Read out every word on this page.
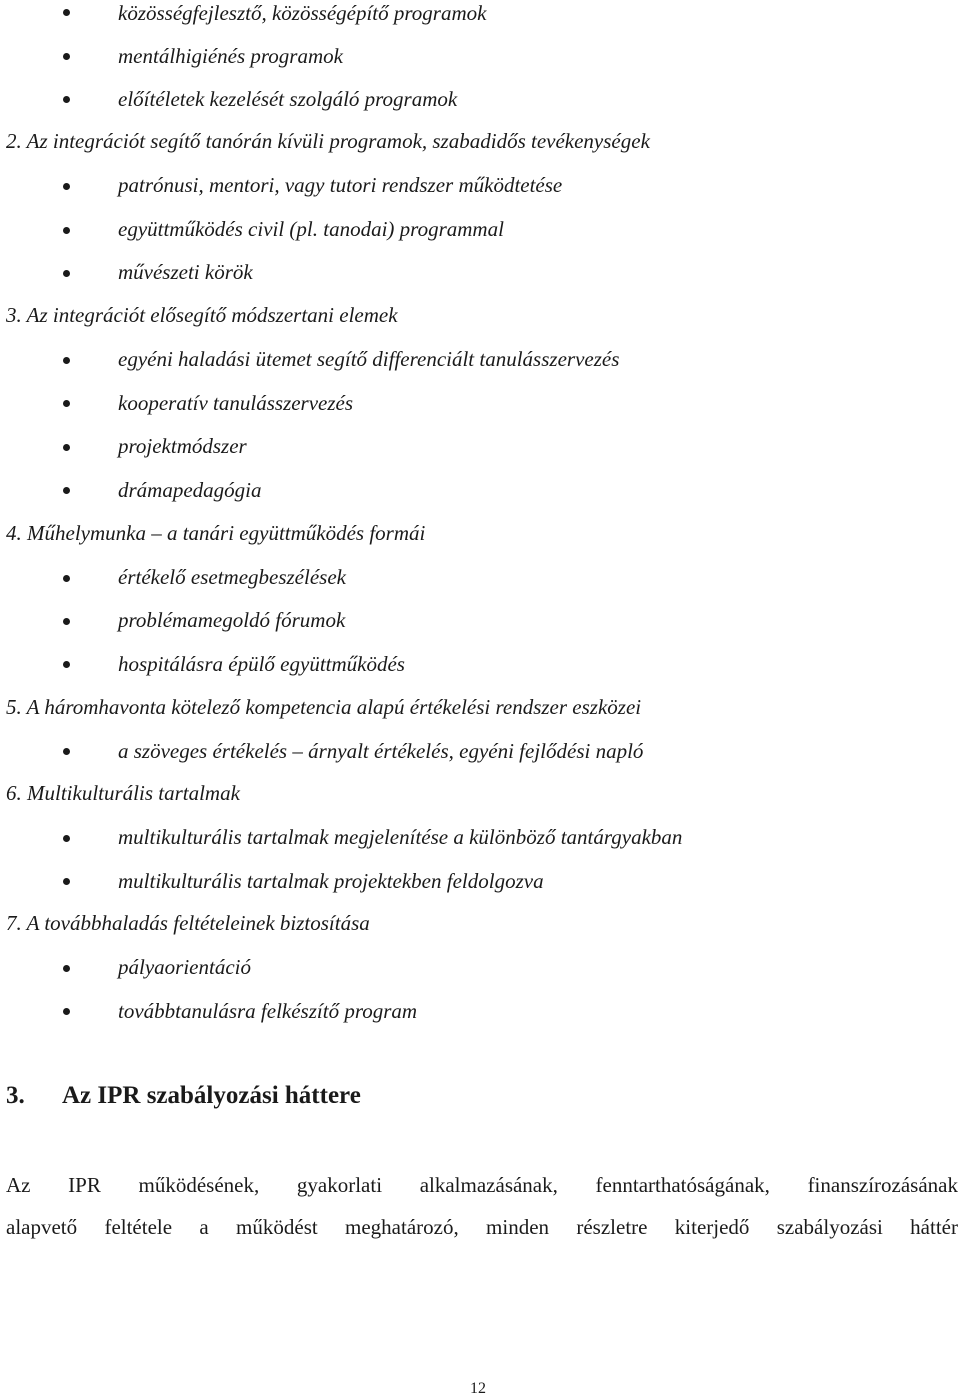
közösségfejlesztő, közösségépítő programok
mentálhigiénés programok
előítéletek kezelését szolgáló programok
2. Az integrációt segítő tanórán kívüli programok, szabadidős tevékenységek
patrónusi, mentori, vagy tutori rendszer működtetése
együttműködés civil (pl. tanodai) programmal
művészeti körök
3. Az integrációt elősegítő módszertani elemek
egyéni haladási ütemet segítő differenciált tanulásszervezés
kooperatív tanulásszervezés
projektmódszer
drámapedagógia
4. Műhelymunka – a tanári együttműködés formái
értékelő esetmegbeszélések
problémamegoldó fórumok
hospitálásra épülő együttműködés
5. A háromhavonta kötelező kompetencia alapú értékelési rendszer eszközei
a szöveges értékelés – árnyalt értékelés, egyéni fejlődési napló
6. Multikulturális tartalmak
multikulturális tartalmak megjelenítése a különböző tantárgyakban
multikulturális tartalmak projektekben feldolgozva
7. A továbbhaladás feltételeinek biztosítása
pályaorientáció
továbbtanulásra felkészítő program
3. Az IPR szabályozási háttere
Az IPR működésének, gyakorlati alkalmazásának, fenntarthatóságának, finanszírozásának
alapvető feltétele a működést meghatározó, minden részletre kiterjedő szabályozási háttér
12
